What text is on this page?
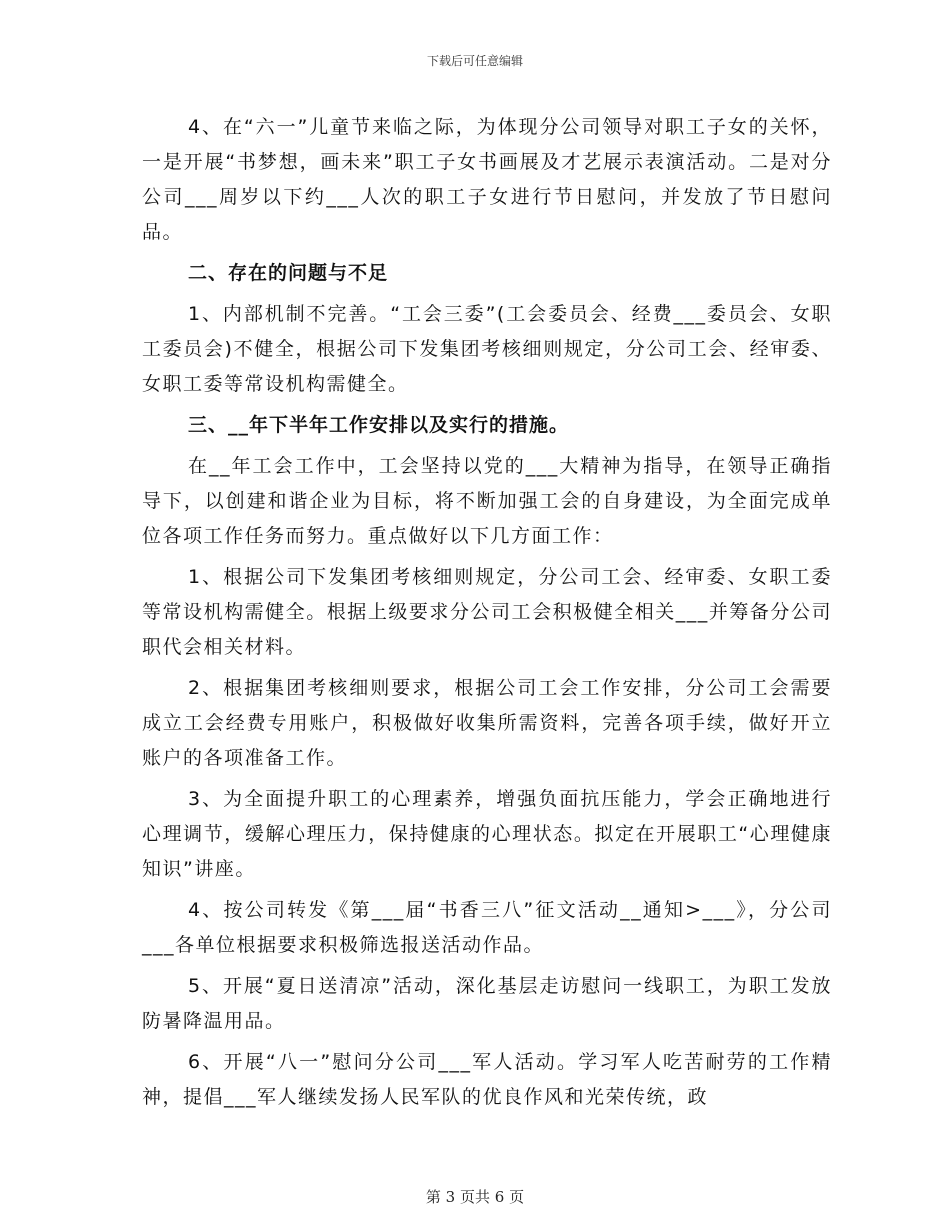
下载后可任意编辑

4、在“六一”儿童节来临之际，为体现分公司领导对职工子女的关怀，一是开展“书梦想，画未来”职工子女书画展及才艺展示表演活动。二是对分公司___周岁以下约___人次的职工子女进行节日慰问，并发放了节日慰问品。

二、存在的问题与不足

1、内部机制不完善。“工会三委”(工会委员会、经费___委员会、女职工委员会)不健全，根据公司下发集团考核细则规定，分公司工会、经审委、女职工委等常设机构需健全。

三、__年下半年工作安排以及实行的措施。

在__年工会工作中，工会坚持以党的___大精神为指导，在领导正确指导下，以创建和谐企业为目标，将不断加强工会的自身建设，为全面完成单位各项工作任务而努力。重点做好以下几方面工作：

1、根据公司下发集团考核细则规定，分公司工会、经审委、女职工委等常设机构需健全。根据上级要求分公司工会积极健全相关___并筹备分公司职代会相关材料。

2、根据集团考核细则要求，根据公司工会工作安排，分公司工会需要成立工会经费专用账户，积极做好收集所需资料，完善各项手续，做好开立账户的各项准备工作。

3、为全面提升职工的心理素养，增强负面抗压能力，学会正确地进行心理调节，缓解心理压力，保持健康的心理状态。拟定在开展职工“心理健康知识”讲座。

4、按公司转发《第___届“书香三八”征文活动__通知>___》，分公司___各单位根据要求积极筛选报送活动作品。

5、开展“夏日送清凉”活动，深化基层走访慰问一线职工，为职工发放防暑降温用品。

6、开展“八一”慰问分公司___军人活动。学习军人吃苦耐劳的工作精神，提倡___军人继续发扬人民军队的优良作风和光荣传统，政

第 3 页共 6 页
